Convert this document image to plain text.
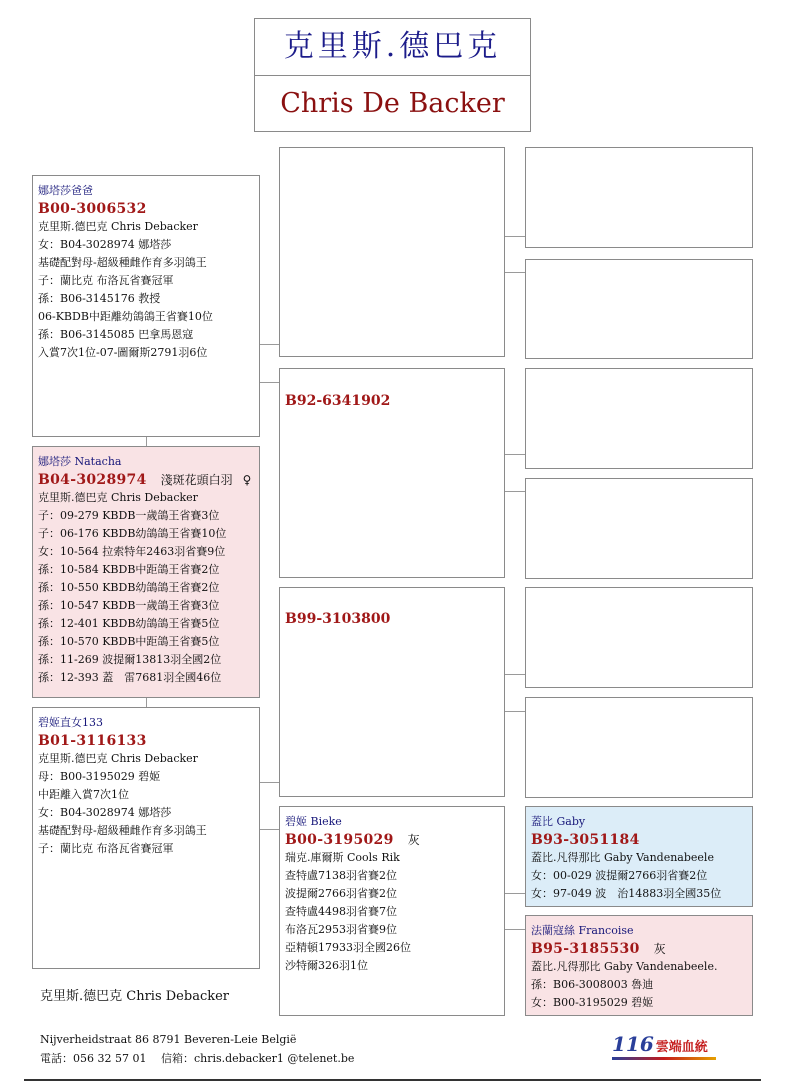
克里斯.德巴克
Chris De Backer
娜塔莎爸爸
B00-3006532
克里斯.德巴克 Chris Debacker
女：B04-3028974 娜塔莎
基礎配對母-超級種雌作育多羽鴿王
子：蘭比克 布洛瓦省賽冠軍
孫：B06-3145176 教授
06-KBDB中距離幼鴿鴿王省賽10位
孫：B06-3145085 巴拿馬恩寇
入賞7次1位-07-圖爾斯2791羽6位
娜塔莎 Natacha
B04-3028974 淺斑花頭白羽 ♀
克里斯.德巴克 Chris Debacker
子：09-279 KBDB一歲鴿王省賽3位
子：06-176 KBDB幼鴿鴿王省賽10位
女：10-564 拉索特年2463羽省賽9位
孫：10-584 KBDB中距鴿王省賽2位
孫：10-550 KBDB幼鴿鴿王省賽2位
孫：10-547 KBDB一歲鴿王省賽3位
孫：12-401 KBDB幼鴿鴿王省賽5位
孫：10-570 KBDB中距鴿王省賽5位
孫：11-269 波提爾13813羽全國2位
孫：12-393 蓋　雷7681羽全國46位
碧姬直女133
B01-3116133
克里斯.德巴克 Chris Debacker
母：B00-3195029 碧姬
中距離入賞7次1位
女：B04-3028974 娜塔莎
基礎配對母-超級種雌作育多羽鴿王
子：蘭比克 布洛瓦省賽冠軍
B92-6341902
B99-3103800
碧姬 Bieke
B00-3195029 灰
瑞克.庫爾斯 Cools Rik
查特盧7138羽省賽2位
波提爾2766羽省賽2位
查特盧4498羽省賽7位
布洛瓦2953羽省賽9位
亞精頓17933羽全國26位
沙特爾326羽1位
蓋比 Gaby
B93-3051184
蓋比.凡得那比 Gaby Vandenabeele
女：00-029 波提爾2766羽省賽2位
女：97-049 波　治14883羽全國35位
法蘭寇絲 Francoise
B95-3185530 灰
蓋比.凡得那比 Gaby Vandenabeele.
孫：B06-3008003 魯迪
女：B00-3195029 碧姬
克里斯.德巴克 Chris Debacker
Nijverheidstraat 86 8791 Beveren-Leie België
電話：056 32 57 01　 信箱：chris.debacker1 @telenet.be
116 雲端血統
